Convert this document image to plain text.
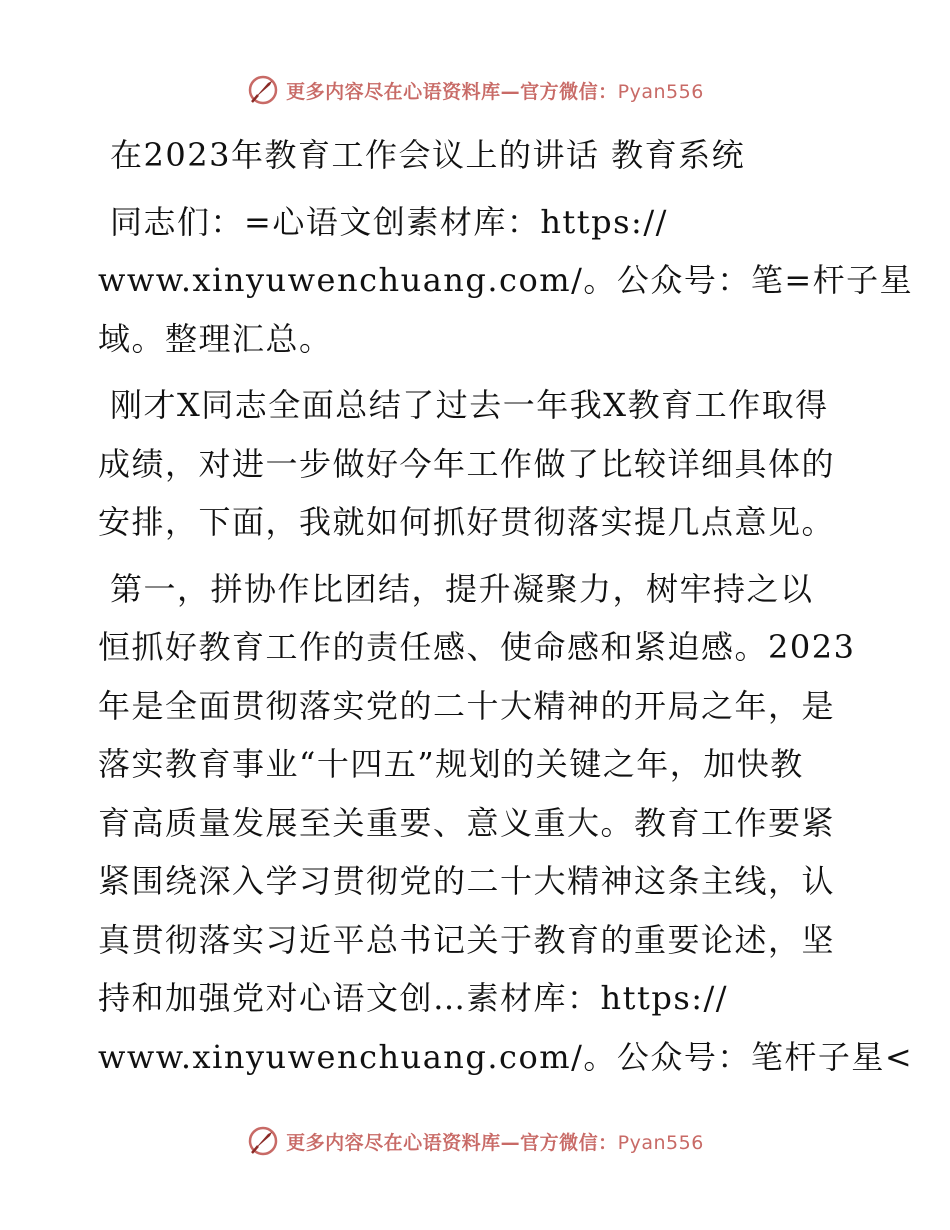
更多内容尽在心语资料库—官方微信：Pyan556

在2023年教育工作会议上的讲话 教育系统

同志们：=心语文创素材库：https://
www.xinyuwenchuang.com/。公众号：笔=杆子星
域。整理汇总。

刚才X同志全面总结了过去一年我X教育工作取得
成绩，对进一步做好今年工作做了比较详细具体的
安排，下面，我就如何抓好贯彻落实提几点意见。

第一，拼协作比团结，提升凝聚力，树牢持之以
恒抓好教育工作的责任感、使命感和紧迫感。2023
年是全面贯彻落实党的二十大精神的开局之年，是
落实教育事业“十四五”规划的关键之年，加快教
育高质量发展至关重要、意义重大。教育工作要紧
紧围绕深入学习贯彻党的二十大精神这条主线，认
真贯彻落实习近平总书记关于教育的重要论述，坚
持和加强党对心语文创…素材库：https://
www.xinyuwenchuang.com/。公众号：笔杆子星<

更多内容尽在心语资料库—官方微信：Pyan556
